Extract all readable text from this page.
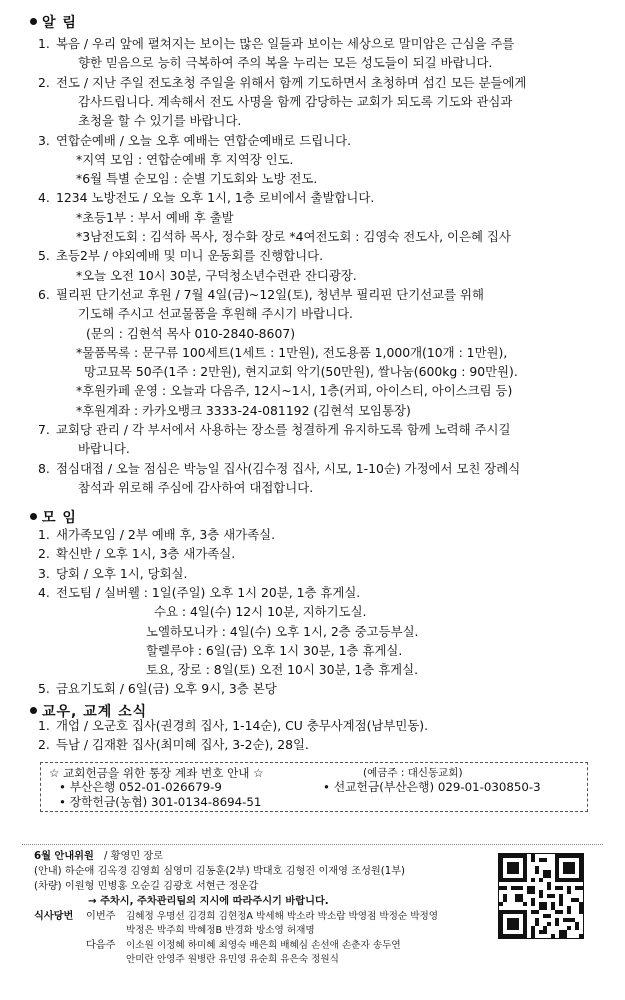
알 림
1. 복음 / 우리 앞에 펼쳐지는 보이는 많은 일들과 보이는 세상으로 말미암은 근심을 주를
향한 믿음으로 능히 극복하여 주의 복을 누리는 모든 성도들이 되길 바랍니다.
2. 전도 / 지난 주일 전도초청 주일을 위해서 함께 기도하면서 초청하며 섬긴 모든 분들에게
감사드립니다. 계속해서 전도 사명을 함께 감당하는 교회가 되도록 기도와 관심과
초청을 할 수 있기를 바랍니다.
3. 연합순예배 / 오늘 오후 예배는 연합순예배로 드립니다.
*지역 모임 : 연합순예배 후 지역장 인도.
*6월 특별 순모임 : 순별 기도회와 노방 전도.
4. 1234 노방전도 / 오늘 오후 1시, 1층 로비에서 출발합니다.
*초등1부 : 부서 예배 후 출발
*3남전도회 : 김석하 목사, 정수화 장로 *4여전도회 : 김영숙 전도사, 이은혜 집사
5. 초등2부 / 야외예배 및 미니 운동회를 진행합니다.
*오늘 오전 10시 30분, 구덕청소년수련관 잔디광장.
6. 필리핀 단기선교 후원 / 7월 4일(금)~12일(토), 청년부 필리핀 단기선교를 위해
기도해 주시고 선교물품을 후원해 주시기 바랍니다.
(문의 : 김현석 목사 010-2840-8607)
*물품목록 : 문구류 100세트(1세트 : 1만원), 전도용품 1,000개(10개 : 1만원),
망고묘목 50주(1주 : 2만원), 현지교회 악기(50만원), 쌀나눔(600kg : 90만원).
*후원카페 운영 : 오늘과 다음주, 12시~1시, 1층(커피, 아이스티, 아이스크림 등)
*후원계좌 : 카카오뱅크 3333-24-081192 (김현석 모임통장)
7. 교회당 관리 / 각 부서에서 사용하는 장소를 청결하게 유지하도록 함께 노력해 주시길
바랍니다.
8. 점심대접 / 오늘 점심은 박능일 집사(김수정 집사, 시모, 1-10순) 가정에서 모친 장례식
참석과 위로해 주심에 감사하여 대접합니다.
모 임
1. 새가족모임 / 2부 예배 후, 3층 새가족실.
2. 확신반 / 오후 1시, 3층 새가족실.
3. 당회 / 오후 1시, 당회실.
4. 전도팀 / 실버웰 : 1일(주일) 오후 1시 20분, 1층 휴게실.
수요 : 4일(수) 12시 10분, 지하기도실.
노엘하모니카 : 4일(수) 오후 1시, 2층 중고등부실.
할렐루야 : 6일(금) 오후 1시 30분, 1층 휴게실.
토요, 장로 : 8일(토) 오전 10시 30분, 1층 휴게실.
5. 금요기도회 / 6일(금) 오후 9시, 3층 본당
교우, 교계 소식
1. 개업 / 오군호 집사(권경희 집사, 1-14순), CU 충무사계점(남부민동).
2. 득남 / 김재환 집사(최미혜 집사, 3-2순), 28일.
☆ 교회헌금을 위한 통장 계좌 번호 안내 ☆	(예금주 : 대신동교회)
• 부산은행 052-01-026679-9	• 선교헌금(부산은행) 029-01-030850-3
• 장학헌금(농협) 301-0134-8694-51
6월 안내위원 / 황영민 장로
(안내) 하순애 김옥경 김영희 심영미 김동훈(2부) 박대호 김형진 이재영 조성원(1부)
(차량) 이원형 민병홍 오순길 김광호 서현근 정운갑
→ 주차시, 주차관리팀의 지시에 따라주시기 바랍니다.
식사당번 이번주 김혜정 우명선 김경희 김현정A 박세해 박소라 박소람 박영점 박정순 박정영
박정은 박주희 박혜정B 반경화 방소영 허재명
다음주 이소원 이정혜 하미혜 최영숙 배은희 배혜심 손선애 손춘자 송두연
안미란 안영주 원병란 유민영 유순희 유은숙 정원식
